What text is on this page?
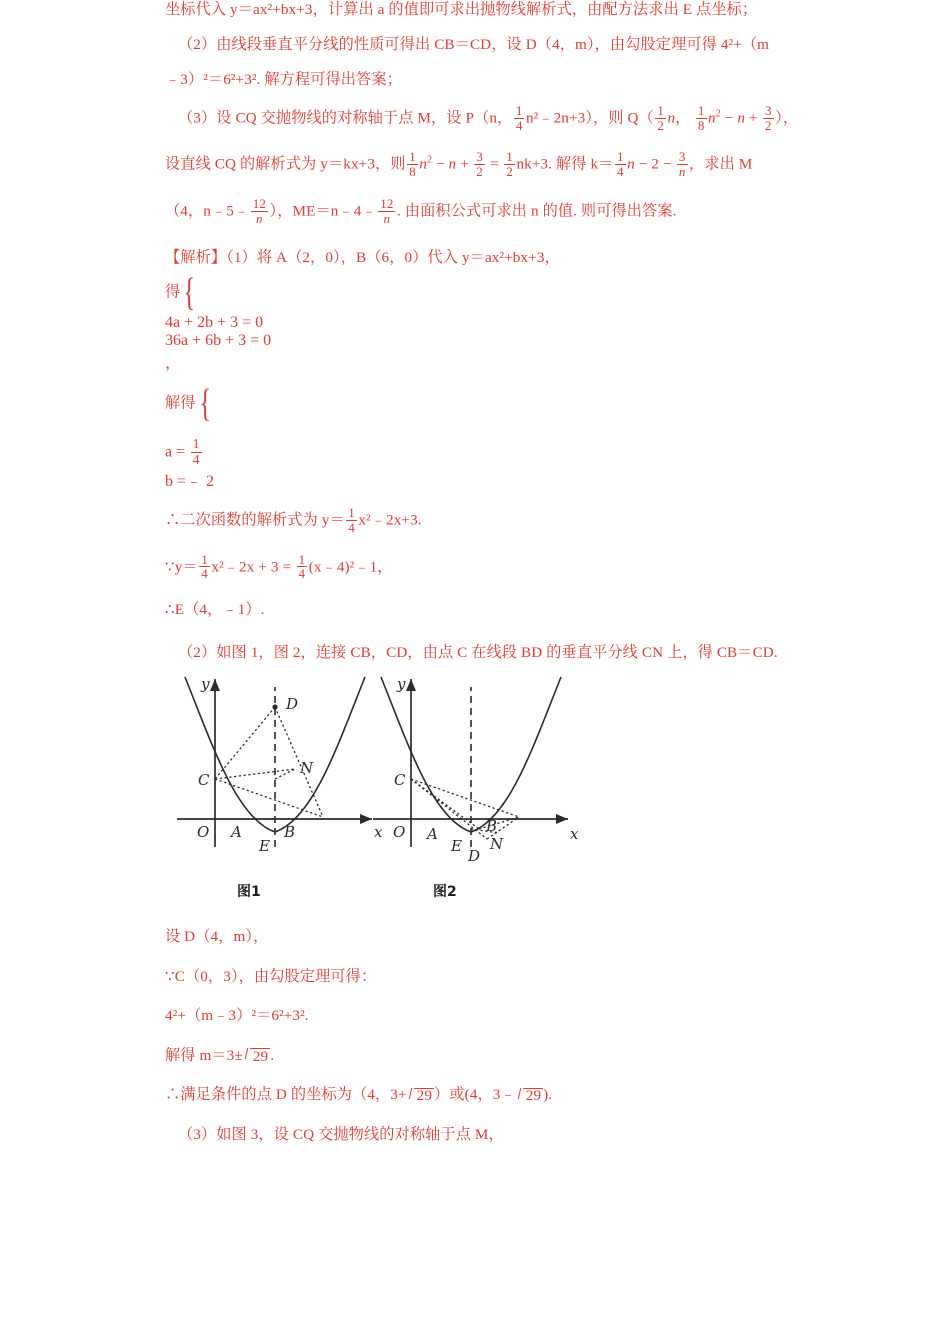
坐标代入 y＝ax²+bx+3，计算出 a 的值即可求出抛物线解析式，由配方法求出 E 点坐标；

（2）由线段垂直平分线的性质可得出 CB＝CD，设 D（4，m），由勾股定理可得 4²+（m

﹣3）²＝6²+3². 解方程可得出答案；

（3）设 CQ 交抛物线的对称轴于点 M，设 P（n， $\frac{1}{4}$ n²﹣2n+3），则 $Q( \frac{1}{2}$ n， $\frac{1}{8} n^2 - n + \frac{3}{2}$ ），

设直线 CQ 的解析式为 y＝kx+3，则 $\frac{1}{8} n^2 - n + \frac{3}{2} = \frac{1}{2} nk+3$. 解得 $k= \frac{1}{4}$ $n - 2 - \frac{3}{n}$ ，求出 M

（4，n﹣5﹣ $\frac{12}{n}$ ），ME＝n﹣4﹣ $\frac{12}{n}$ . 由面积公式可求出 n 的值. 则可得出答案.

【解析】（1）将 A（2，0），B（6，0）代入 y＝ax²+bx+3，

得 {

4a + 2b + 3 = 0
36a + 6b + 3 = 0
，

解得 {

$a = \frac{1}{4}$
b =﹣ 2

∴二次函数的解析式为 $y= \frac{1}{4}$ x²﹣2x+3.

∵y＝ $\frac{1}{4}$ x²﹣2x + $3 = \frac{1}{4}$ (x﹣4)²﹣1，

∴E（4，﹣1）.

（2）如图 1，图 2，连接 CB，CD，由点 C 在线段 BD 的垂直平分线 CN 上，得 CB＝CD.

D
N
C
A	B
E
O	x
y
C
A	B
E
D
N
O	x
y
图1	图2

设 D（4，m），

∵C（0，3），由勾股定理可得：

4²+（m﹣3）²＝6²+3².

解得 m＝3± 29 .

∴满足条件的点 D 的坐标为（4，3+ 29 ）或(4，3﹣ 29 ).

（3）如图 3，设 CQ 交抛物线的对称轴于点 M，
